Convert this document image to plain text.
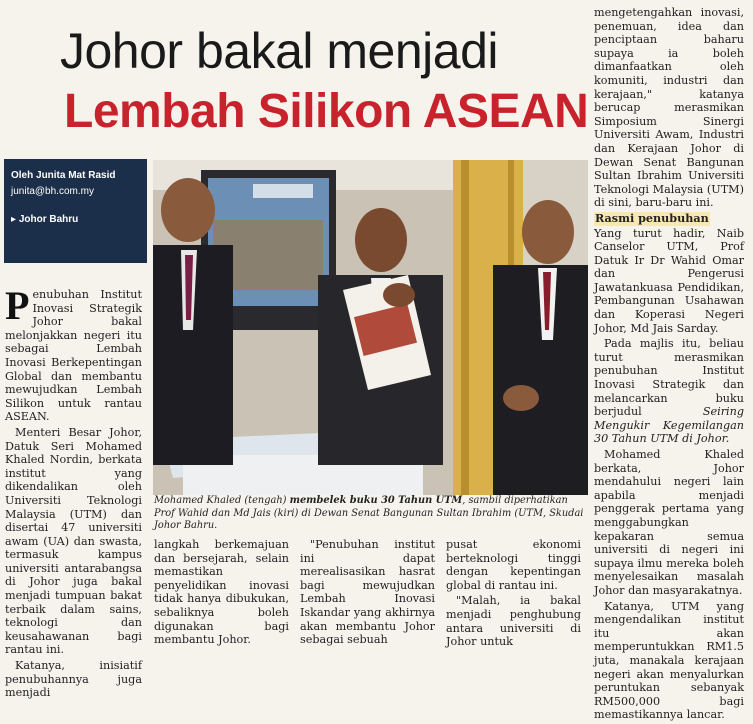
Johor bakal menjadi
Lembah Silikon ASEAN
Oleh Junita Mat Rasid
junita@bh.com.my
▸ Johor Bahru

Penubuhan Institut Inovasi Strategik Johor bakal melonjakkan negeri itu sebagai Lembah Inovasi Berkepentingan Global dan membantu mewujudkan Lembah Silikon untuk rantau ASEAN.

Menteri Besar Johor, Datuk Seri Mohamed Khaled Nordin, berkata institut yang dikendalikan oleh Universiti Teknologi Malaysia (UTM) dan disertai 47 universiti awam (UA) dan swasta, termasuk kampus universiti antarabangsa di Johor juga bakal menjadi tumpuan bakat terbaik dalam sains, teknologi dan keusahawanan bagi rantau ini.

Katanya, inisiatif penubuhannya juga menjadi

Mohamed Khaled (tengah) membelek buku 30 Tahun UTM, sambil diperhatikan Prof Wahid dan Md Jais (kiri) di Dewan Senat Bangunan Sultan Ibrahim (UTM, Skudai Johor Bahru.

langkah berkemajuan dan bersejarah, selain memastikan penyelidikan inovasi tidak hanya dibukukan, sebaliknya boleh digunakan bagi membantu Johor.

"Penubuhan institut ini dapat merealisasikan hasrat bagi mewujudkan Lembah Inovasi Iskandar yang akhirnya akan membantu Johor sebagai sebuah

pusat ekonomi berteknologi tinggi dengan kepentingan global di rantau ini.

"Malah, ia bakal menjadi penghubung antara universiti di Johor untuk

mengetengahkan inovasi, penemuan, idea dan penciptaan baharu supaya ia boleh dimanfaatkan oleh komuniti, industri dan kerajaan," katanya berucap merasmikan Simposium Sinergi Universiti Awam, Industri dan Kerajaan Johor di Dewan Senat Bangunan Sultan Ibrahim Universiti Teknologi Malaysia (UTM) di sini, baru-baru ini.

Rasmi penubuhan

Yang turut hadir, Naib Canselor UTM, Prof Datuk Ir Dr Wahid Omar dan Pengerusi Jawatankuasa Pendidikan, Pembangunan Usahawan dan Koperasi Negeri Johor, Md Jais Sarday.

Pada majlis itu, beliau turut merasmikan penubuhan Institut Inovasi Strategik dan melancarkan buku berjudul	Seiring Mengukir Kegemilangan 30 Tahun UTM di Johor.

Mohamed Khaled berkata, Johor mendahului negeri lain apabila menjadi penggerak pertama yang menggabungkan kepakaran semua universiti di negeri ini supaya ilmu mereka boleh menyelesaikan masalah Johor dan masyarakatnya.

Katanya, UTM yang mengendalikan institut itu akan memperuntukkan RM1.5 juta, manakala kerajaan negeri akan menyalurkan peruntukan sebanyak RM500,000 bagi memastikannya lancar.
